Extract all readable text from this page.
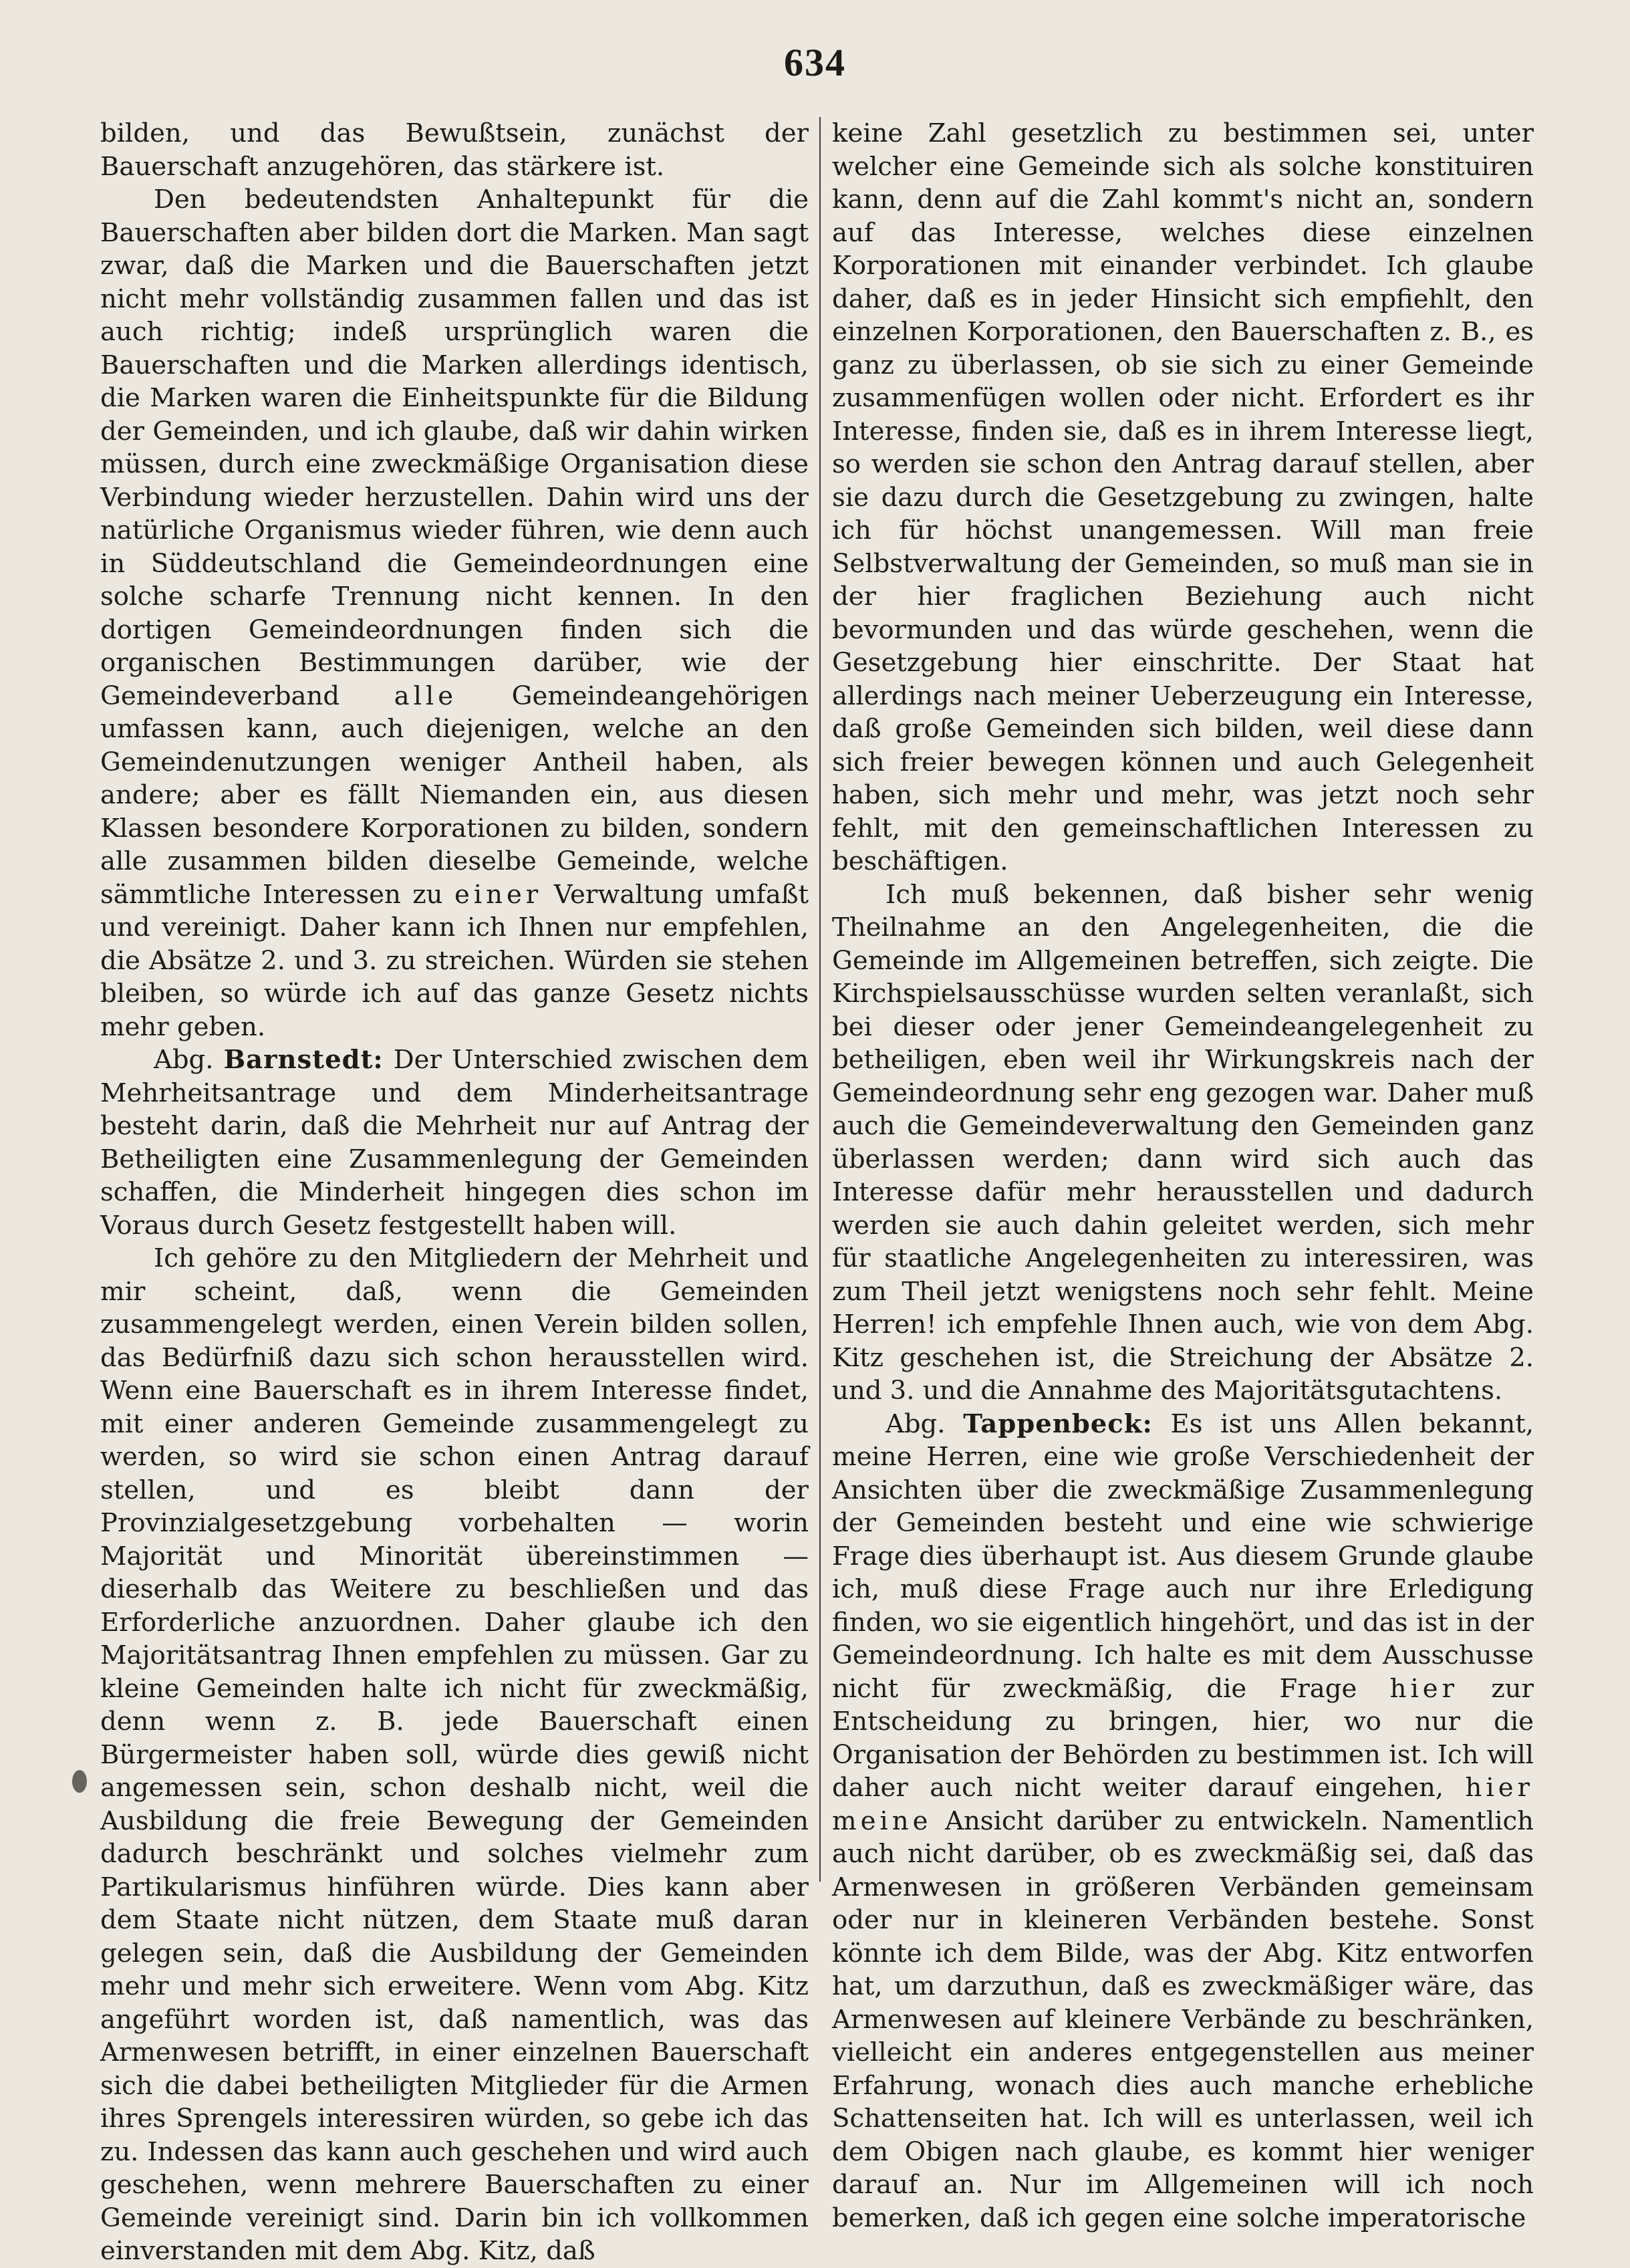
634

bilden, und das Bewußtsein, zunächst der Bauerschaft anzugehören, das stärkere ist.

Den bedeutendsten Anhaltepunkt für die Bauerschaften aber bilden dort die Marken. Man sagt zwar, daß die Marken und die Bauerschaften jetzt nicht mehr vollständig zusammen fallen und das ist auch richtig; indeß ursprünglich waren die Bauerschaften und die Marken allerdings identisch, die Marken waren die Einheitspunkte für die Bildung der Gemeinden, und ich glaube, daß wir dahin wirken müssen, durch eine zweckmäßige Organisation diese Verbindung wieder herzustellen. Dahin wird uns der natürliche Organismus wieder führen, wie denn auch in Süddeutschland die Gemeindeordnungen eine solche scharfe Trennung nicht kennen. In den dortigen Gemeindeordnungen finden sich die organischen Bestimmungen darüber, wie der Gemeindeverband alle Gemeindeangehörigen umfassen kann, auch diejenigen, welche an den Gemeindenutzungen weniger Antheil haben, als andere; aber es fällt Niemanden ein, aus diesen Klassen besondere Korporationen zu bilden, sondern alle zusammen bilden dieselbe Gemeinde, welche sämmtliche Interessen zu einer Verwaltung umfaßt und vereinigt. Daher kann ich Ihnen nur empfehlen, die Absätze 2. und 3. zu streichen. Würden sie stehen bleiben, so würde ich auf das ganze Gesetz nichts mehr geben.

Abg. Barnstedt: Der Unterschied zwischen dem Mehrheitsantrage und dem Minderheitsantrage besteht darin, daß die Mehrheit nur auf Antrag der Betheiligten eine Zusammenlegung der Gemeinden schaffen, die Minderheit hingegen dies schon im Voraus durch Gesetz festgestellt haben will.

Ich gehöre zu den Mitgliedern der Mehrheit und mir scheint, daß, wenn die Gemeinden zusammengelegt werden, einen Verein bilden sollen, das Bedürfniß dazu sich schon herausstellen wird. Wenn eine Bauerschaft es in ihrem Interesse findet, mit einer anderen Gemeinde zusammengelegt zu werden, so wird sie schon einen Antrag darauf stellen, und es bleibt dann der Provinzialgesetzgebung vorbehalten — worin Majorität und Minorität übereinstimmen — dieserhalb das Weitere zu beschließen und das Erforderliche anzuordnen. Daher glaube ich den Majoritätsantrag Ihnen empfehlen zu müssen. Gar zu kleine Gemeinden halte ich nicht für zweckmäßig, denn wenn z. B. jede Bauerschaft einen Bürgermeister haben soll, würde dies gewiß nicht angemessen sein, schon deshalb nicht, weil die Ausbildung die freie Bewegung der Gemeinden dadurch beschränkt und solches vielmehr zum Partikularismus hinführen würde. Dies kann aber dem Staate nicht nützen, dem Staate muß daran gelegen sein, daß die Ausbildung der Gemeinden mehr und mehr sich erweitere. Wenn vom Abg. Kitz angeführt worden ist, daß namentlich, was das Armenwesen betrifft, in einer einzelnen Bauerschaft sich die dabei betheiligten Mitglieder für die Armen ihres Sprengels interessiren würden, so gebe ich das zu. Indessen das kann auch geschehen und wird auch geschehen, wenn mehrere Bauerschaften zu einer Gemeinde vereinigt sind. Darin bin ich vollkommen einverstanden mit dem Abg. Kitz, daß

keine Zahl gesetzlich zu bestimmen sei, unter welcher eine Gemeinde sich als solche konstituiren kann, denn auf die Zahl kommt's nicht an, sondern auf das Interesse, welches diese einzelnen Korporationen mit einander verbindet. Ich glaube daher, daß es in jeder Hinsicht sich empfiehlt, den einzelnen Korporationen, den Bauerschaften z. B., es ganz zu überlassen, ob sie sich zu einer Gemeinde zusammenfügen wollen oder nicht. Erfordert es ihr Interesse, finden sie, daß es in ihrem Interesse liegt, so werden sie schon den Antrag darauf stellen, aber sie dazu durch die Gesetzgebung zu zwingen, halte ich für höchst unangemessen. Will man freie Selbstverwaltung der Gemeinden, so muß man sie in der hier fraglichen Beziehung auch nicht bevormunden und das würde geschehen, wenn die Gesetzgebung hier einschritte. Der Staat hat allerdings nach meiner Ueberzeugung ein Interesse, daß große Gemeinden sich bilden, weil diese dann sich freier bewegen können und auch Gelegenheit haben, sich mehr und mehr, was jetzt noch sehr fehlt, mit den gemeinschaftlichen Interessen zu beschäftigen.

Ich muß bekennen, daß bisher sehr wenig Theilnahme an den Angelegenheiten, die die Gemeinde im Allgemeinen betreffen, sich zeigte. Die Kirchspielsausschüsse wurden selten veranlaßt, sich bei dieser oder jener Gemeindeangelegenheit zu betheiligen, eben weil ihr Wirkungskreis nach der Gemeindeordnung sehr eng gezogen war. Daher muß auch die Gemeindeverwaltung den Gemeinden ganz überlassen werden; dann wird sich auch das Interesse dafür mehr herausstellen und dadurch werden sie auch dahin geleitet werden, sich mehr für staatliche Angelegenheiten zu interessiren, was zum Theil jetzt wenigstens noch sehr fehlt. Meine Herren! ich empfehle Ihnen auch, wie von dem Abg. Kitz geschehen ist, die Streichung der Absätze 2. und 3. und die Annahme des Majoritätsgutachtens.

Abg. Tappenbeck: Es ist uns Allen bekannt, meine Herren, eine wie große Verschiedenheit der Ansichten über die zweckmäßige Zusammenlegung der Gemeinden besteht und eine wie schwierige Frage dies überhaupt ist. Aus diesem Grunde glaube ich, muß diese Frage auch nur ihre Erledigung finden, wo sie eigentlich hingehört, und das ist in der Gemeindeordnung. Ich halte es mit dem Ausschusse nicht für zweckmäßig, die Frage hier zur Entscheidung zu bringen, hier, wo nur die Organisation der Behörden zu bestimmen ist. Ich will daher auch nicht weiter darauf eingehen, hier meine Ansicht darüber zu entwickeln. Namentlich auch nicht darüber, ob es zweckmäßig sei, daß das Armenwesen in größeren Verbänden gemeinsam oder nur in kleineren Verbänden bestehe. Sonst könnte ich dem Bilde, was der Abg. Kitz entworfen hat, um darzuthun, daß es zweckmäßiger wäre, das Armenwesen auf kleinere Verbände zu beschränken, vielleicht ein anderes entgegenstellen aus meiner Erfahrung, wonach dies auch manche erhebliche Schattenseiten hat. Ich will es unterlassen, weil ich dem Obigen nach glaube, es kommt hier weniger darauf an. Nur im Allgemeinen will ich noch bemerken, daß ich gegen eine solche imperatorische
